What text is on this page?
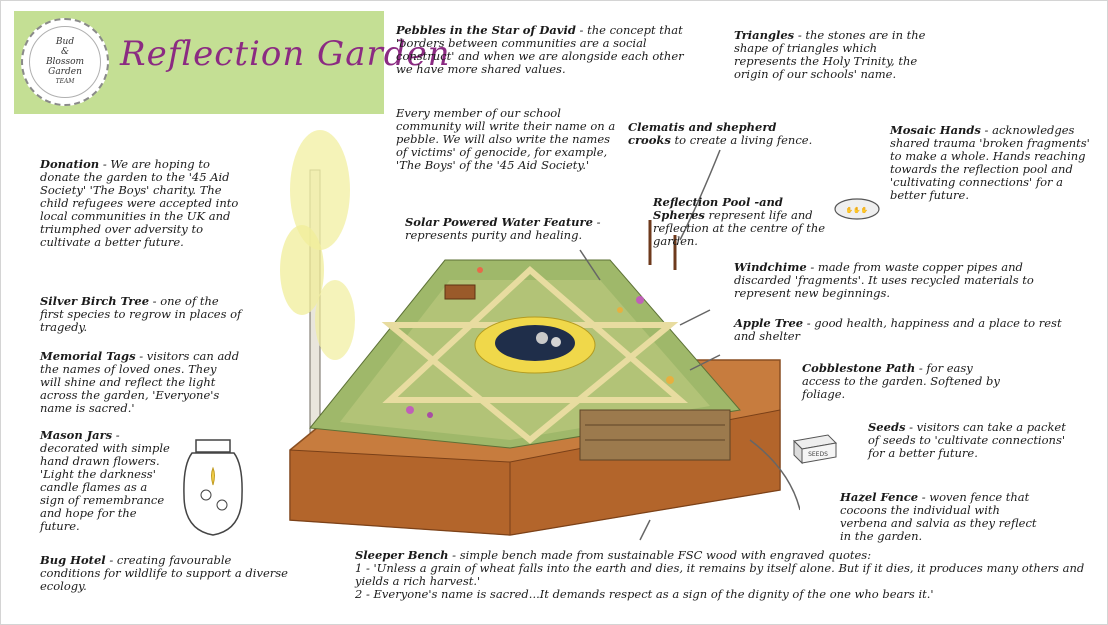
Bud
&
Blossom
Garden
TEAM
Reflection Garden
✋✋✋
SEEDS
Pebbles in the Star of David - the concept that 'borders between communities are a social construct' and when we are alongside each other we have more shared values.
Every member of our school community will write their name on a pebble. We will also write the names of victims' of genocide, for example, 'The Boys' of the '45 Aid Society.'
Triangles - the stones are in the shape of triangles which represents the Holy Trinity, the origin of our schools' name.
Clematis and shepherd crooks to create a living fence.
Mosaic Hands - acknowledges shared trauma 'broken fragments' to make a whole. Hands reaching towards the reflection pool and 'cultivating connections' for a better future.
Donation - We are hoping to donate the garden to the '45 Aid Society' 'The Boys' charity. The child refugees were accepted into local communities in the UK and triumphed over adversity to cultivate a better future.
Solar Powered Water Feature - represents purity and healing.
Reflection Pool -and Spheres represent life and reflection at the centre of the garden.
Windchime - made from waste copper pipes and discarded 'fragments'. It uses recycled materials to represent new beginnings.
Silver Birch Tree - one of the first species to regrow in places of tragedy.	Apple Tree - good health, happiness and a place to rest and shelter
Memorial Tags - visitors can add the names of loved ones. They will shine and reflect the light across the garden, 'Everyone's name is sacred.'
Cobblestone Path - for easy access to the garden. Softened by foliage.
Mason Jars - decorated with simple hand drawn flowers. 'Light the darkness' candle flames as a sign of remembrance and hope for the future.
Seeds - visitors can take a packet of seeds to 'cultivate connections' for a better future.
Hazel Fence - woven fence that cocoons the individual with verbena and salvia as they reflect in the garden.
Bug Hotel - creating favourable conditions for wildlife to support a diverse ecology.
Sleeper Bench - simple bench made from sustainable FSC wood with engraved quotes:
1 - 'Unless a grain of wheat falls into the earth and dies, it remains by itself alone. But if it dies, it produces many others and yields a rich harvest.'
2 - Everyone's name is sacred...It demands respect as a sign of the dignity of the one who bears it.'
